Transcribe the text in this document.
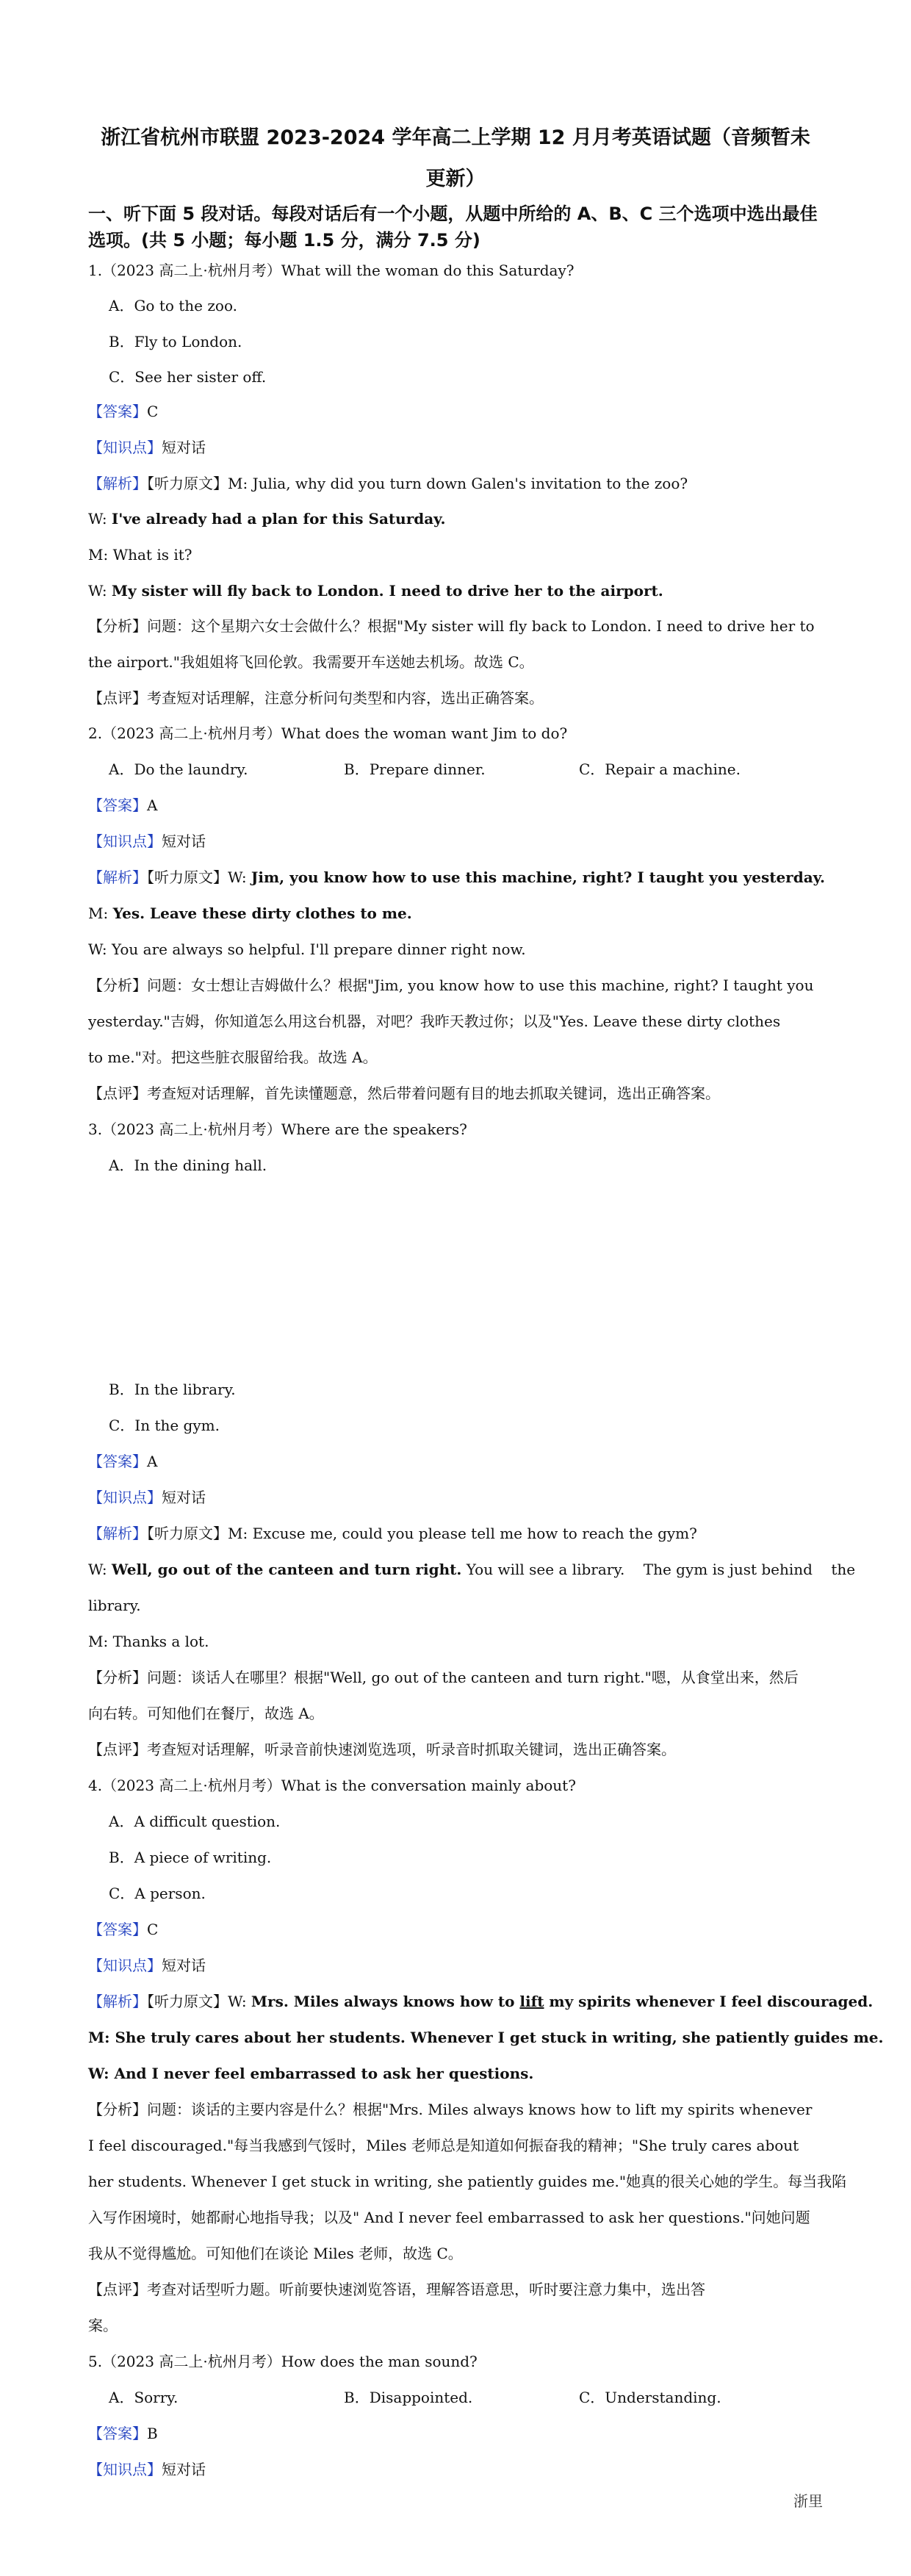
浙江省杭州市联盟 2023-2024 学年高二上学期 12 月月考英语试题（音频暂未
更新）
一、听下面 5 段对话。每段对话后有一个小题，从题中所给的 A、B、C 三个选项中选出最佳
选项。(共 5 小题；每小题 1.5 分，满分 7.5 分)
1.（2023 高二上·杭州月考）What will the woman do this Saturday?
A．Go to the zoo.
B．Fly to London.
C．See her sister off.
【答案】C
【知识点】短对话
【解析】【听力原文】M: Julia, why did you turn down Galen's invitation to the zoo?
W: I've already had a plan for this Saturday.
M: What is it?
W: My sister will fly back to London. I need to drive her to the airport.
【分析】问题：这个星期六女士会做什么？根据"My sister will fly back to London. I need to drive her to
the airport."我姐姐将飞回伦敦。我需要开车送她去机场。故选 C。
【点评】考查短对话理解，注意分析问句类型和内容，选出正确答案。
2.（2023 高二上·杭州月考）What does the woman want Jim to do?
A．Do the laundry.	B．Prepare dinner.	C．Repair a machine.
【答案】A
【知识点】短对话
【解析】【听力原文】W: Jim, you know how to use this machine, right? I taught you yesterday.
M: Yes. Leave these dirty clothes to me.
W: You are always so helpful. I'll prepare dinner right now.
【分析】问题：女士想让吉姆做什么？根据"Jim, you know how to use this machine, right? I taught you
yesterday."吉姆，你知道怎么用这台机器，对吧？我昨天教过你；以及"Yes. Leave these dirty clothes
to me."对。把这些脏衣服留给我。故选 A。
【点评】考查短对话理解，首先读懂题意，然后带着问题有目的地去抓取关键词，选出正确答案。
3.（2023 高二上·杭州月考）Where are the speakers?
A．In the dining hall.
B．In the library.
C．In the gym.
【答案】A
【知识点】短对话
【解析】【听力原文】M: Excuse me, could you please tell me how to reach the gym?
W: Well, go out of the canteen and turn right. You will see a library.    The gym is just behind    the
library.
M: Thanks a lot.
【分析】问题：谈话人在哪里？根据"Well, go out of the canteen and turn right."嗯，从食堂出来，然后
向右转。可知他们在餐厅，故选 A。
【点评】考查短对话理解，听录音前快速浏览选项，听录音时抓取关键词，选出正确答案。
4.（2023 高二上·杭州月考）What is the conversation mainly about?
A．A difficult question.
B．A piece of writing.
C．A person.
【答案】C
【知识点】短对话
【解析】【听力原文】W: Mrs. Miles always knows how to lift my spirits whenever I feel discouraged.
M: She truly cares about her students. Whenever I get stuck in writing, she patiently guides me.
W: And I never feel embarrassed to ask her questions.
【分析】问题：谈话的主要内容是什么？根据"Mrs. Miles always knows how to lift my spirits whenever
I feel discouraged."每当我感到气馁时，Miles 老师总是知道如何振奋我的精神；"She truly cares about
her students. Whenever I get stuck in writing, she patiently guides me."她真的很关心她的学生。每当我陷
入写作困境时，她都耐心地指导我；以及" And I never feel embarrassed to ask her questions."问她问题
我从不觉得尴尬。可知他们在谈论 Miles 老师，故选 C。
【点评】考查对话型听力题。听前要快速浏览答语，理解答语意思，听时要注意力集中，选出答
案。
5.（2023 高二上·杭州月考）How does the man sound?
A．Sorry.	B．Disappointed.	C．Understanding.
【答案】B
【知识点】短对话
浙里
